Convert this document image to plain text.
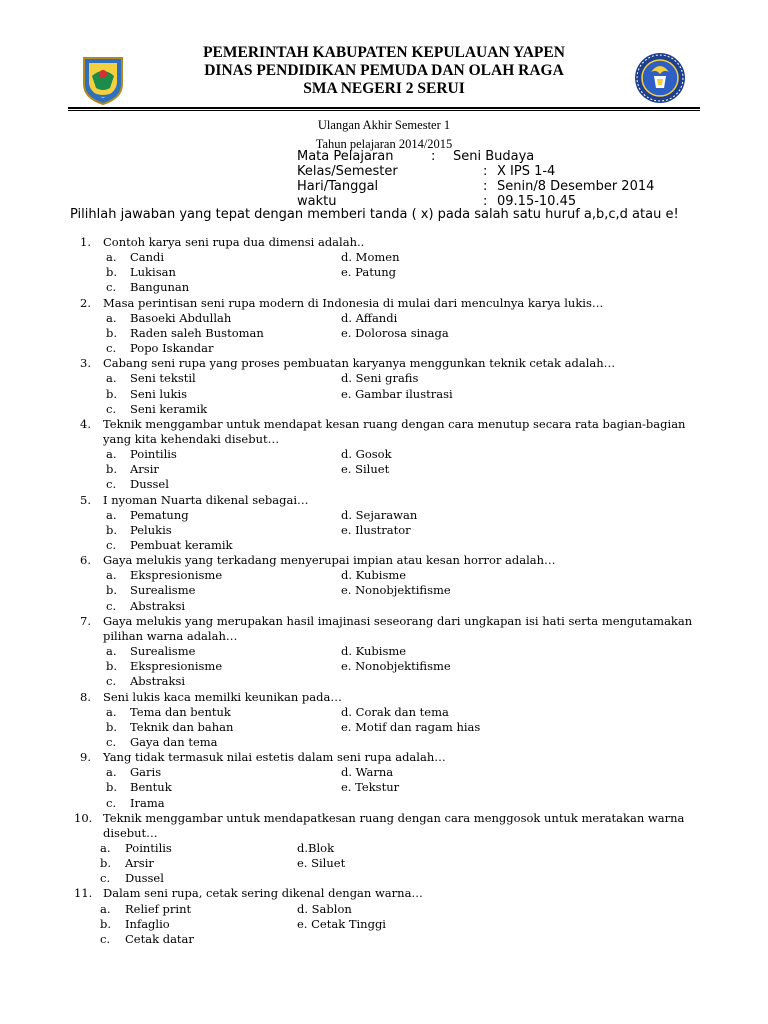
PEMERINTAH KABUPATEN KEPULAUAN YAPEN
DINAS PENDIDIKAN PEMUDA DAN OLAH RAGA
SMA NEGERI 2 SERUI
Ulangan Akhir Semester 1
Tahun pelajaran 2014/2015
Mata Pelajaran	: Seni Budaya
Kelas/Semester	: X IPS 1-4
Hari/Tanggal	: Senin/8 Desember 2014
waktu	: 09.15-10.45
Pilihlah jawaban yang tepat dengan memberi tanda ( x) pada salah satu huruf a,b,c,d atau e!
1. Contoh karya seni rupa dua dimensi adalah..
a. Candi	d. Momen
b. Lukisan	e. Patung
c. Bangunan
2. Masa perintisan seni rupa modern di Indonesia di mulai dari menculnya karya lukis…
a. Basoeki Abdullah	d. Affandi
b. Raden saleh Bustoman	e. Dolorosa sinaga
c. Popo Iskandar
3. Cabang seni rupa yang proses pembuatan karyanya menggunkan teknik cetak adalah…
a. Seni tekstil	d. Seni grafis
b. Seni lukis	e. Gambar ilustrasi
c. Seni keramik
4. Teknik menggambar untuk mendapat kesan ruang dengan cara menutup secara rata bagian-bagian
yang kita kehendaki disebut…
a. Pointilis	d. Gosok
b. Arsir	e. Siluet
c. Dussel
5. I nyoman Nuarta dikenal sebagai…
a. Pematung	d. Sejarawan
b. Pelukis	e. Ilustrator
c. Pembuat keramik
6. Gaya melukis yang terkadang menyerupai impian atau kesan horror adalah…
a. Ekspresionisme	d. Kubisme
b. Surealisme	e. Nonobjektifisme
c. Abstraksi
7. Gaya melukis yang merupakan hasil imajinasi seseorang dari ungkapan isi hati serta mengutamakan
pilihan warna adalah…
a. Surealisme	d. Kubisme
b. Ekspresionisme	e. Nonobjektifisme
c. Abstraksi
8. Seni lukis kaca memilki keunikan pada…
a. Tema dan bentuk	d. Corak dan tema
b. Teknik dan bahan	e. Motif dan ragam hias
c. Gaya dan tema
9. Yang tidak termasuk nilai estetis dalam seni rupa adalah…
a. Garis	d. Warna
b. Bentuk	e. Tekstur
c. Irama
10. Teknik menggambar untuk mendapatkesan ruang dengan cara menggosok untuk meratakan warna
disebut…
a. Pointilis	d.Blok
b. Arsir	e. Siluet
c. Dussel
11. Dalam seni rupa, cetak sering dikenal dengan warna…
a. Relief print	d. Sablon
b. Infaglio	e. Cetak Tinggi
c. Cetak datar
